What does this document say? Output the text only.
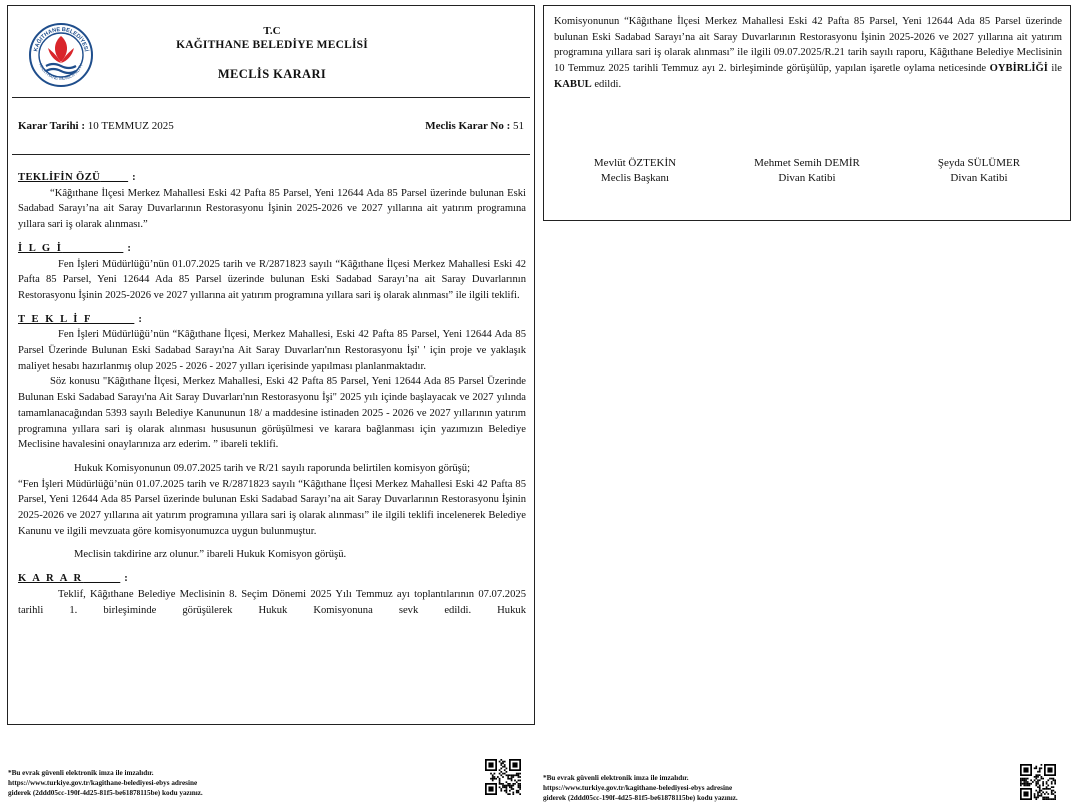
KAĞITHANE BELEDİYESİ
KAGITHANE MUNICIPALITY
T.C
KAĞITHANE BELEDİYE MECLİSİ
MECLİS KARARI
Karar Tarihi : 10 TEMMUZ 2025	Meclis Karar No : 51
TEKLİFİN ÖZÜ	:
“Kâğıthane İlçesi Merkez Mahallesi Eski 42 Pafta 85 Parsel, Yeni 12644 Ada 85 Parsel üzerinde bulunan Eski Sadabad Sarayı’na ait Saray Duvarlarının Restorasyonu İşinin 2025-2026 ve 2027 yıllarına ait yatırım programına yıllara sari iş olarak alınması.”
İ L G İ	:
Fen İşleri Müdürlüğü’nün 01.07.2025 tarih ve R/2871823 sayılı “Kâğıthane İlçesi Merkez Mahallesi Eski 42 Pafta 85 Parsel, Yeni 12644 Ada 85 Parsel üzerinde bulunan Eski Sadabad Sarayı’na ait Saray Duvarlarının Restorasyonu İşinin 2025-2026 ve 2027 yıllarına ait yatırım programına yıllara sari iş olarak alınması” ile ilgili teklifi.
T E K L İ F	:
Fen İşleri Müdürlüğü’nün “Kâğıthane İlçesi, Merkez Mahallesi, Eski 42 Pafta 85 Parsel, Yeni 12644 Ada 85 Parsel Üzerinde Bulunan Eski Sadabad Sarayı'na Ait Saray Duvarları'nın Restorasyonu İşi' ' için proje ve yaklaşık maliyet hesabı hazırlanmış olup 2025 - 2026 - 2027 yılları içerisinde yapılması planlanmaktadır.
Söz konusu "Kâğıthane İlçesi, Merkez Mahallesi, Eski 42 Pafta 85 Parsel, Yeni 12644 Ada 85 Parsel Üzerinde Bulunan Eski Sadabad Sarayı'na Ait Saray Duvarları'nın Restorasyonu İşi" 2025 yılı içinde başlayacak ve 2027 yılında tamamlanacağından 5393 sayılı Belediye Kanununun 18/ a maddesine istinaden 2025 - 2026 ve 2027 yıllarının yatırım programına yıllara sari iş olarak alınması hususunun görüşülmesi ve karara bağlanması için yazımızın Belediye Meclisine havalesini onaylarınıza arz ederim. ” ibareli teklifi.
Hukuk Komisyonunun 09.07.2025 tarih ve R/21 sayılı raporunda belirtilen komisyon görüşü;
“Fen İşleri Müdürlüğü’nün 01.07.2025 tarih ve R/2871823 sayılı “Kâğıthane İlçesi Merkez Mahallesi Eski 42 Pafta 85 Parsel, Yeni 12644 Ada 85 Parsel üzerinde bulunan Eski Sadabad Sarayı’na ait Saray Duvarlarının Restorasyonu İşinin 2025-2026 ve 2027 yıllarına ait yatırım programına yıllara sari iş olarak alınması” ile ilgili teklifi incelenerek Belediye Kanunu ve ilgili mevzuata göre komisyonumuzca uygun bulunmuştur.
Meclisin takdirine arz olunur.” ibareli Hukuk Komisyon görüşü.
K A R A R	:
Teklif, Kâğıthane Belediye Meclisinin 8. Seçim Dönemi 2025 Yılı Temmuz ayı toplantılarının 07.07.2025 tarihli 1. birleşiminde görüşülerek Hukuk Komisyonuna sevk edildi. Hukuk
Komisyonunun “Kâğıthane İlçesi Merkez Mahallesi Eski 42 Pafta 85 Parsel, Yeni 12644 Ada 85 Parsel üzerinde bulunan Eski Sadabad Sarayı’na ait Saray Duvarlarının Restorasyonu İşinin 2025-2026 ve 2027 yıllarına ait yatırım programına yıllara sari iş olarak alınması” ile ilgili 09.07.2025/R.21 tarih sayılı raporu, Kâğıthane Belediye Meclisinin 10 Temmuz 2025 tarihli Temmuz ayı 2. birleşiminde görüşülüp, yapılan işaretle oylama neticesinde OYBİRLİĞİ ile KABUL edildi.
Mevlüt ÖZTEKİN
Meclis Başkanı
Mehmet Semih DEMİR
Divan Katibi
Şeyda SÜLÜMER
Divan Katibi
*Bu evrak güvenli elektronik imza ile imzalıdır.
https://www.turkiye.gov.tr/kagithane-belediyesi-ebys adresine
giderek (2ddd05cc-190f-4d25-81f5-be61878115be) kodu yazınız.
*Bu evrak güvenli elektronik imza ile imzalıdır.
https://www.turkiye.gov.tr/kagithane-belediyesi-ebys adresine
giderek (2ddd05cc-190f-4d25-81f5-be61878115be) kodu yazınız.
